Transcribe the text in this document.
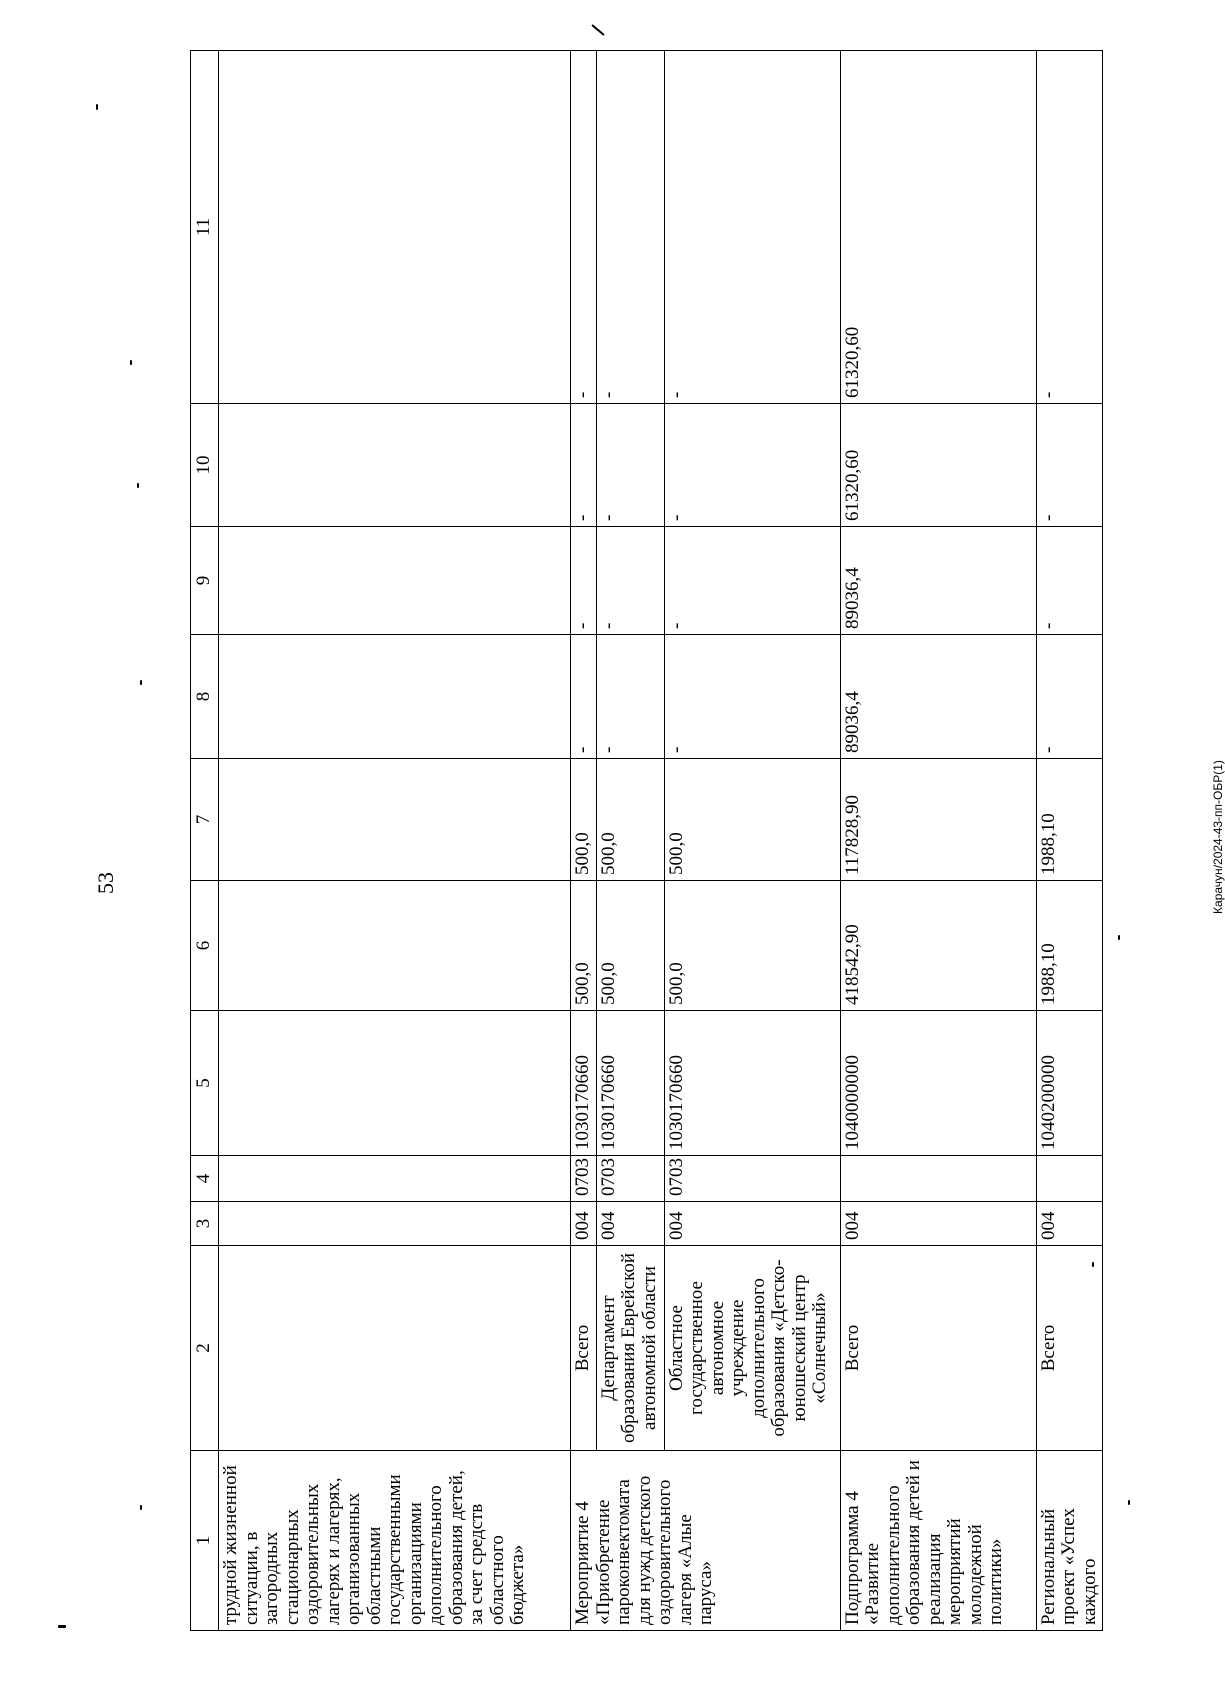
53	Карачун/2024-43-пп-ОБР(1)
1	2	3	4	5	6	7	8	9	10	11
трудной жизненной ситуации, в загородных стационарных оздоровительных лагерях и лагерях, организованных областными государственными организациями дополнительного образования детей, за счет средств областного бюджета»										
Мероприятие 4 «Приобретение пароконвектомата для нужд детского оздоровительного лагеря «Алые паруса»	Всего	004	0703	1030170660	500,0	500,0	-	-	-	-
	Департамент образования Еврейской автономной области	004	0703	1030170660	500,0	500,0	-	-	-	-
	Областное государственное автономное учреждение дополнительного образования «Детско-юношеский центр «Солнечный»	004	0703	1030170660	500,0	500,0	-	-	-	-
Подпрограмма 4 «Развитие дополнительного образования детей и реализация мероприятий молодежной политики»	Всего	004		1040000000	418542,90	117828,90	89036,4	89036,4	61320,60	61320,60
Региональный проект «Успех каждого	Всего	004		1040200000	1988,10	1988,10	-	-	-	-
